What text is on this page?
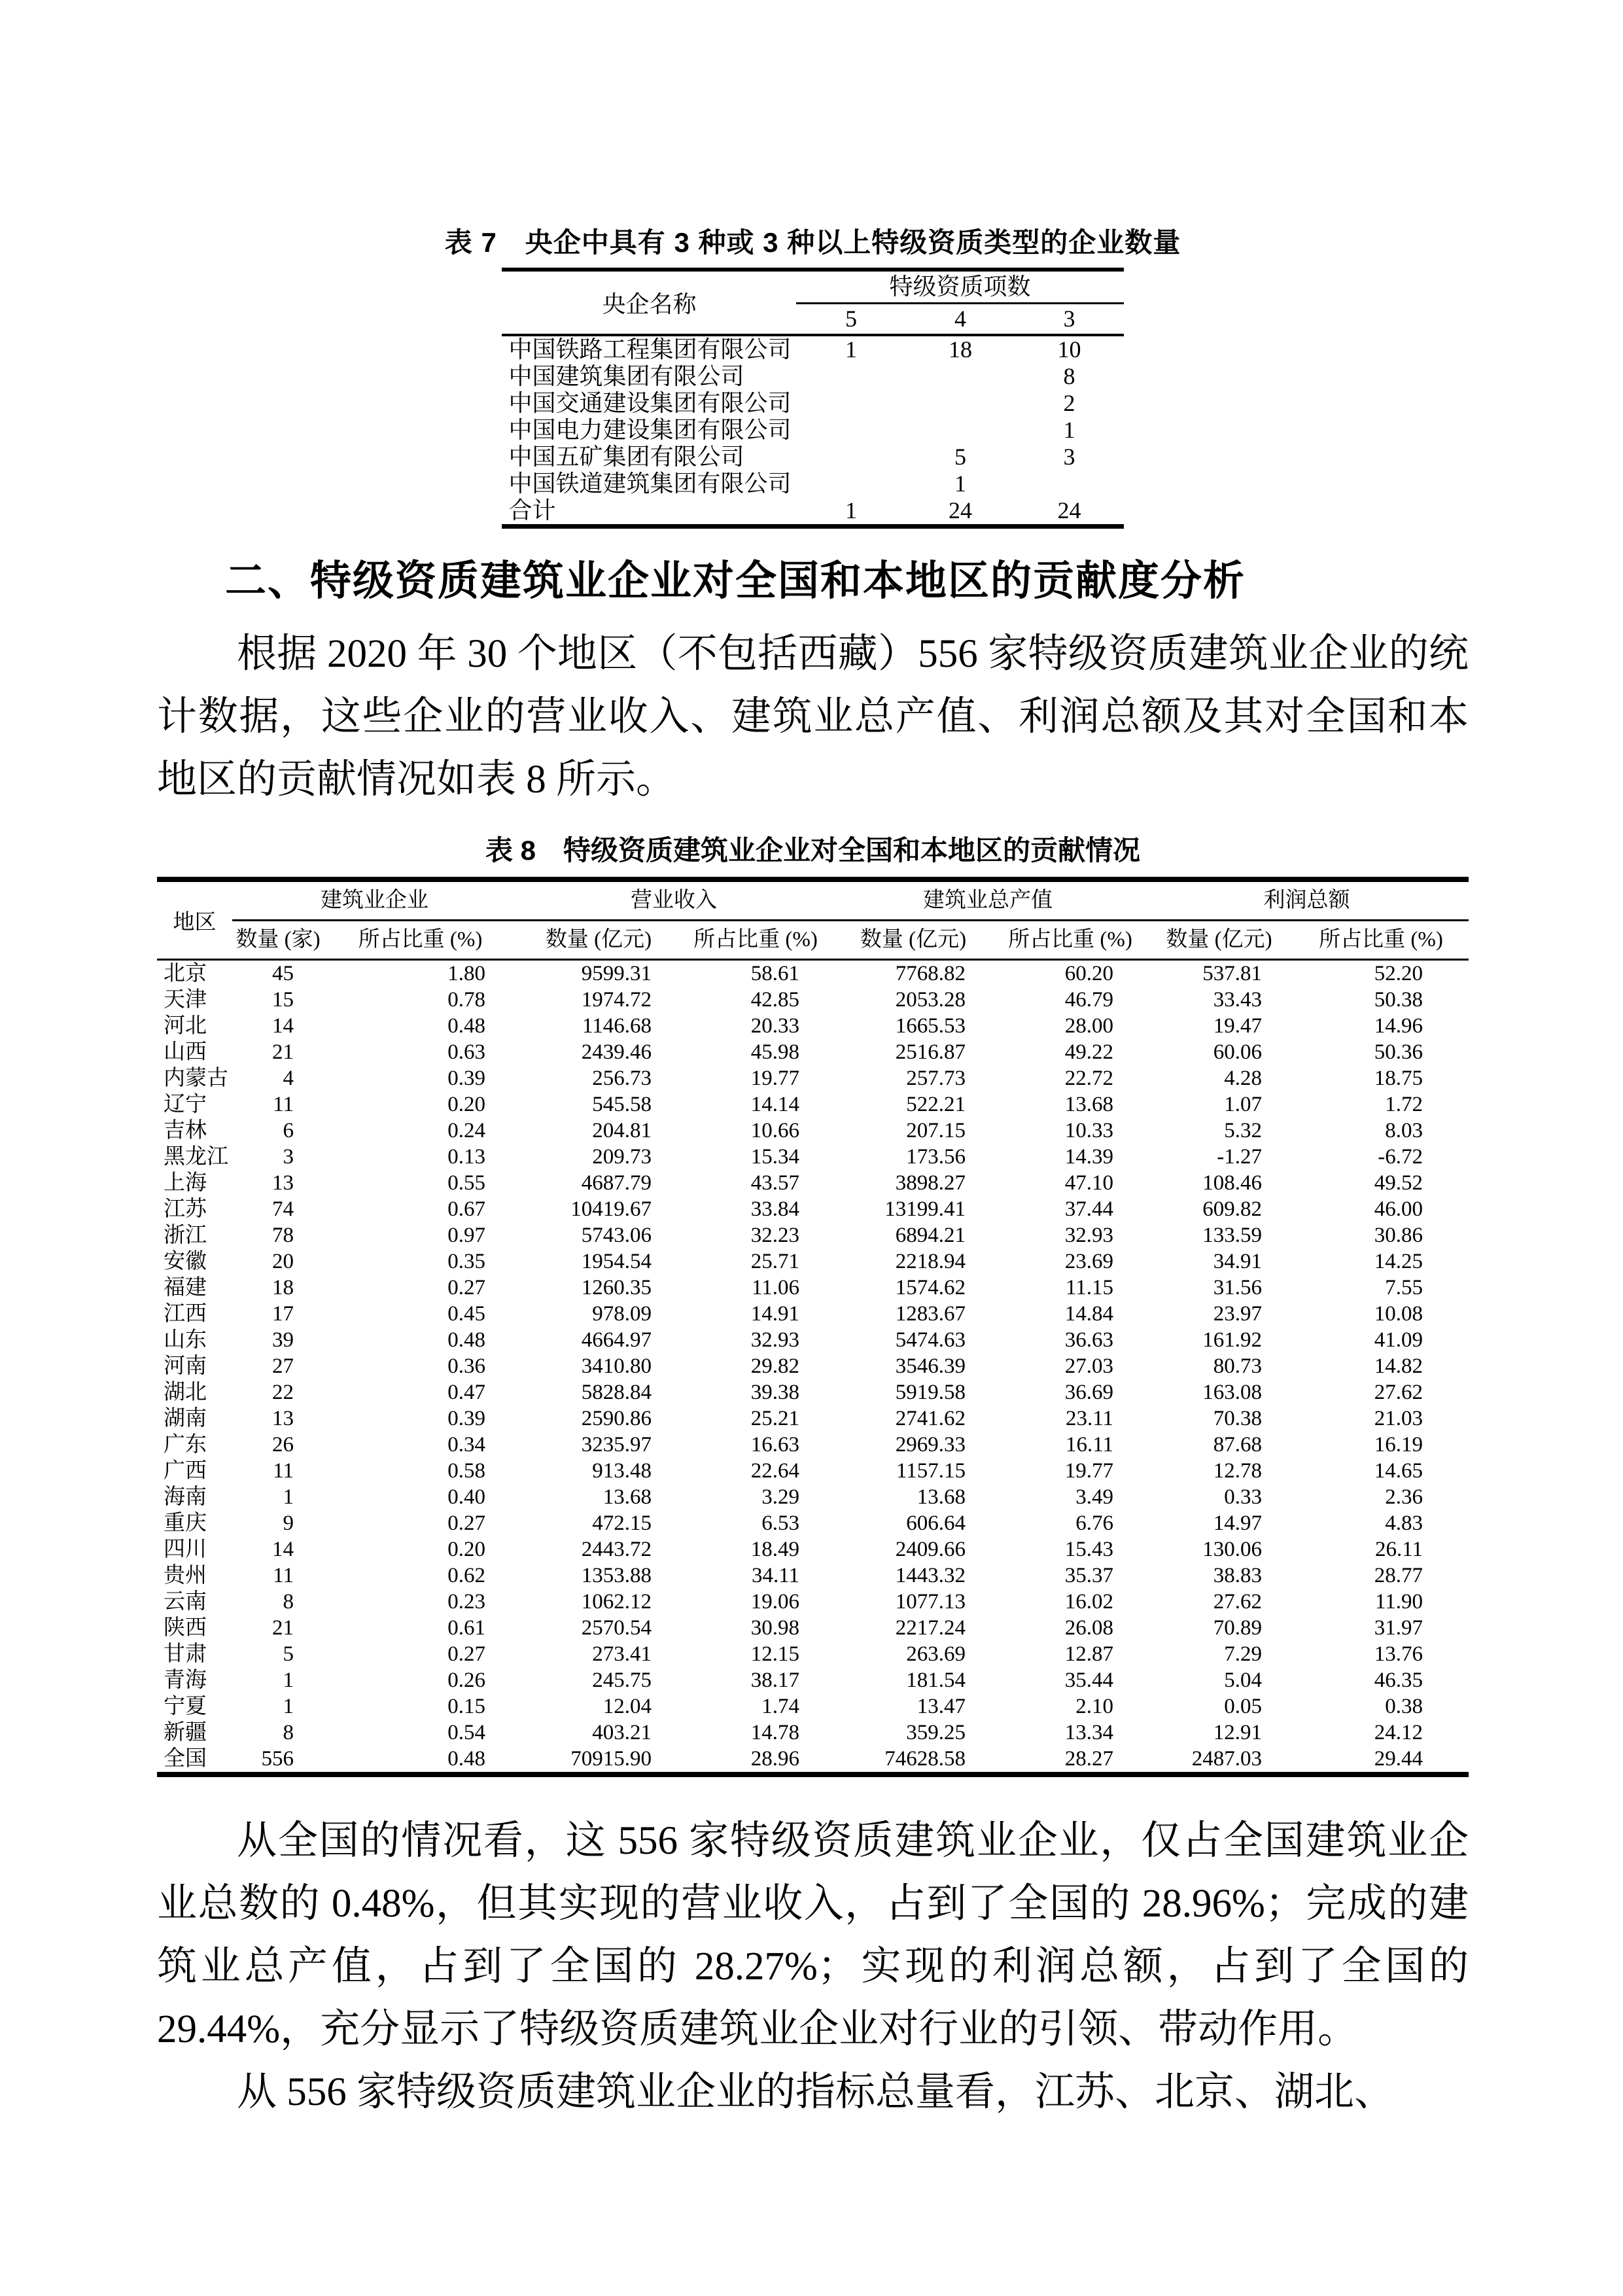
表 7　央企中具有 3 种或 3 种以上特级资质类型的企业数量
央企名称	特级资质项数		
	5	4	3
中国铁路工程集团有限公司	1	18	10
中国建筑集团有限公司			8
中国交通建设集团有限公司			2
中国电力建设集团有限公司			1
中国五矿集团有限公司		5	3
中国铁道建筑集团有限公司		1	
合计	1	24	24
二、特级资质建筑业企业对全国和本地区的贡献度分析

根据 2020 年 30 个地区（不包括西藏）556 家特级资质建筑业企业的统计数据，这些企业的营业收入、建筑业总产值、利润总额及其对全国和本地区的贡献情况如表 8 所示。

表 8　特级资质建筑业企业对全国和本地区的贡献情况
地区	建筑业企业		营业收入		建筑业总产值		利润总额	
	数量 (家)	所占比重 (%)	数量 (亿元)	所占比重 (%)	数量 (亿元)	所占比重 (%)	数量 (亿元)	所占比重 (%)
北京	45	1.80	9599.31	58.61	7768.82	60.20	537.81	52.20
天津	15	0.78	1974.72	42.85	2053.28	46.79	33.43	50.38
河北	14	0.48	1146.68	20.33	1665.53	28.00	19.47	14.96
山西	21	0.63	2439.46	45.98	2516.87	49.22	60.06	50.36
内蒙古	4	0.39	256.73	19.77	257.73	22.72	4.28	18.75
辽宁	11	0.20	545.58	14.14	522.21	13.68	1.07	1.72
吉林	6	0.24	204.81	10.66	207.15	10.33	5.32	8.03
黑龙江	3	0.13	209.73	15.34	173.56	14.39	-1.27	-6.72
上海	13	0.55	4687.79	43.57	3898.27	47.10	108.46	49.52
江苏	74	0.67	10419.67	33.84	13199.41	37.44	609.82	46.00
浙江	78	0.97	5743.06	32.23	6894.21	32.93	133.59	30.86
安徽	20	0.35	1954.54	25.71	2218.94	23.69	34.91	14.25
福建	18	0.27	1260.35	11.06	1574.62	11.15	31.56	7.55
江西	17	0.45	978.09	14.91	1283.67	14.84	23.97	10.08
山东	39	0.48	4664.97	32.93	5474.63	36.63	161.92	41.09
河南	27	0.36	3410.80	29.82	3546.39	27.03	80.73	14.82
湖北	22	0.47	5828.84	39.38	5919.58	36.69	163.08	27.62
湖南	13	0.39	2590.86	25.21	2741.62	23.11	70.38	21.03
广东	26	0.34	3235.97	16.63	2969.33	16.11	87.68	16.19
广西	11	0.58	913.48	22.64	1157.15	19.77	12.78	14.65
海南	1	0.40	13.68	3.29	13.68	3.49	0.33	2.36
重庆	9	0.27	472.15	6.53	606.64	6.76	14.97	4.83
四川	14	0.20	2443.72	18.49	2409.66	15.43	130.06	26.11
贵州	11	0.62	1353.88	34.11	1443.32	35.37	38.83	28.77
云南	8	0.23	1062.12	19.06	1077.13	16.02	27.62	11.90
陕西	21	0.61	2570.54	30.98	2217.24	26.08	70.89	31.97
甘肃	5	0.27	273.41	12.15	263.69	12.87	7.29	13.76
青海	1	0.26	245.75	38.17	181.54	35.44	5.04	46.35
宁夏	1	0.15	12.04	1.74	13.47	2.10	0.05	0.38
新疆	8	0.54	403.21	14.78	359.25	13.34	12.91	24.12
全国	556	0.48	70915.90	28.96	74628.58	28.27	2487.03	29.44

从全国的情况看，这 556 家特级资质建筑业企业，仅占全国建筑业企业总数的 0.48%，但其实现的营业收入，占到了全国的 28.96%；完成的建筑业总产值，占到了全国的 28.27%；实现的利润总额，占到了全国的 29.44%，充分显示了特级资质建筑业企业对行业的引领、带动作用。

从 556 家特级资质建筑业企业的指标总量看，江苏、北京、湖北、
